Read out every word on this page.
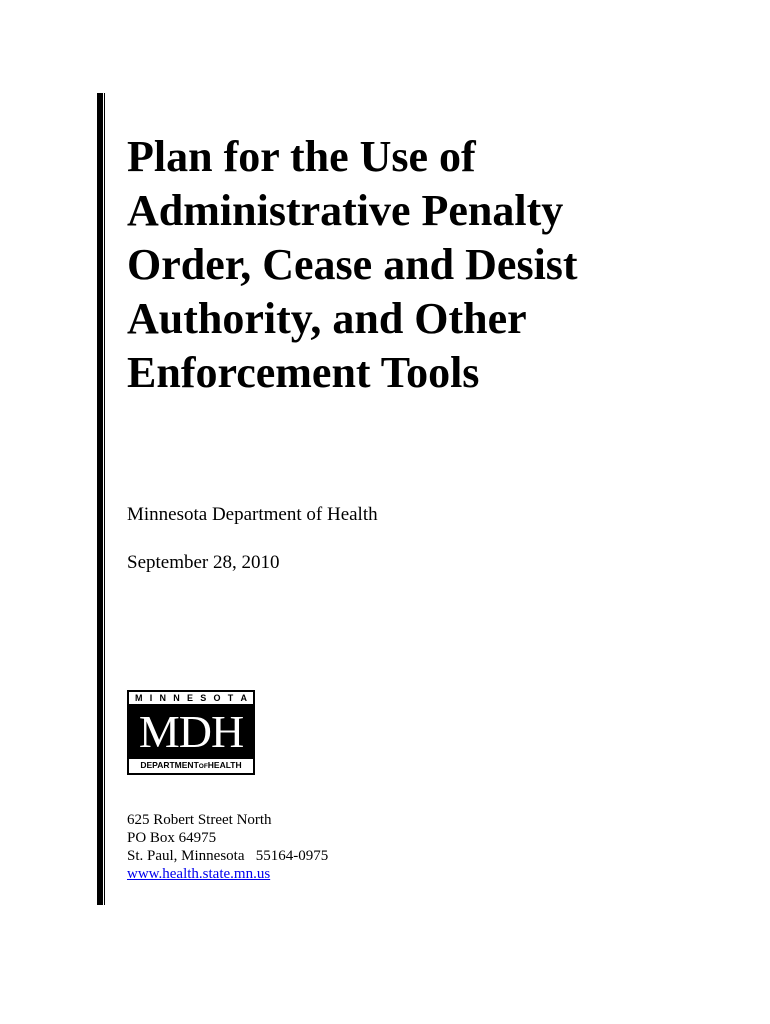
Plan for the Use of
Administrative Penalty
Order, Cease and Desist
Authority, and Other
Enforcement Tools
Minnesota Department of Health
September 28, 2010
M I N N E S O T A
MDH
DEPARTMENTOFHEALTH
625 Robert Street North
PO Box 64975
St. Paul, Minnesota   55164-0975
www.health.state.mn.us
